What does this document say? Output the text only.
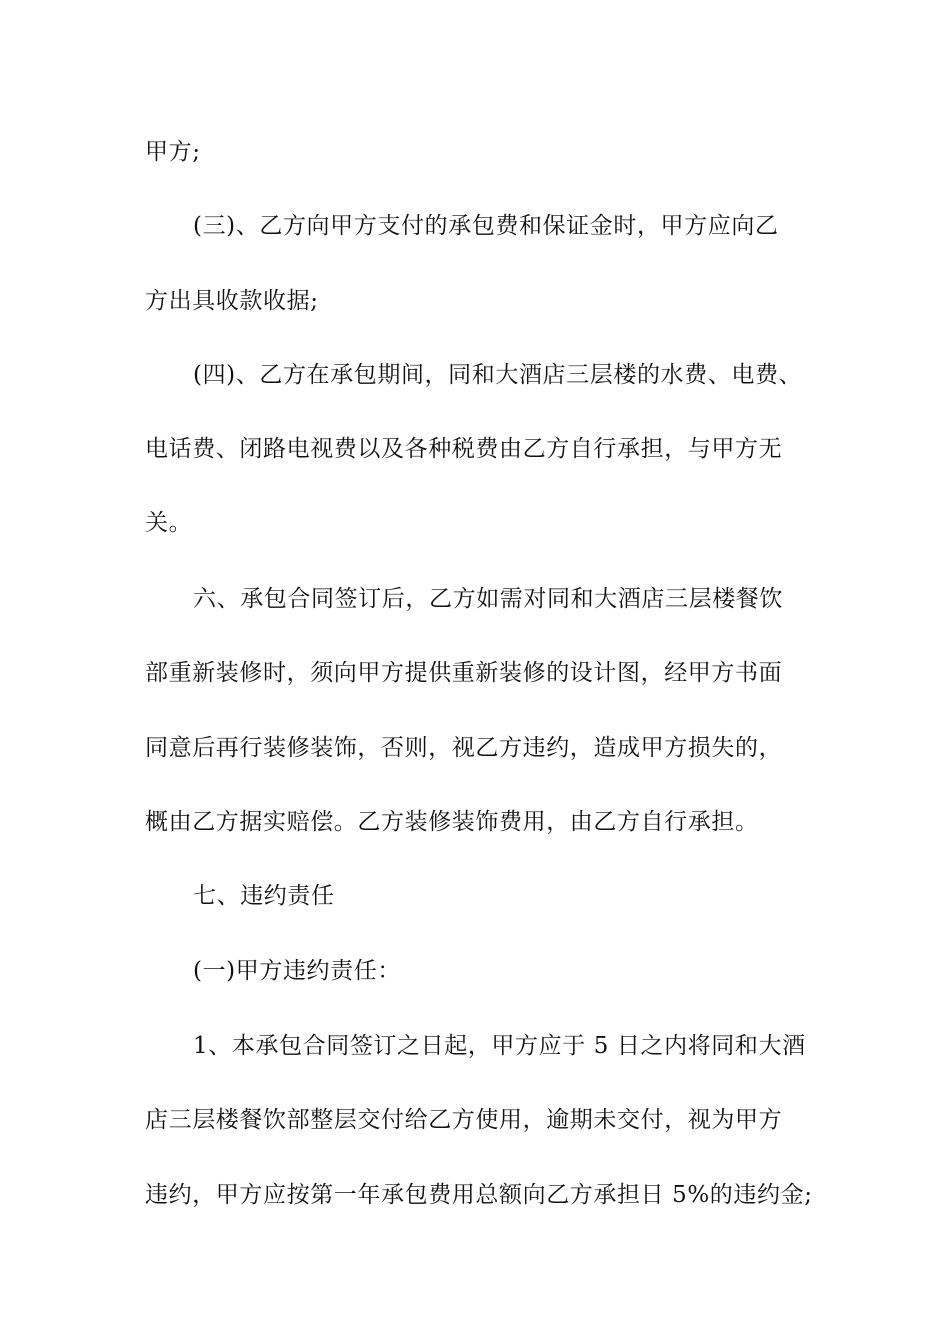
甲方;
(三)、乙方向甲方支付的承包费和保证金时，甲方应向乙
方出具收款收据;
(四)、乙方在承包期间，同和大酒店三层楼的水费、电费、
电话费、闭路电视费以及各种税费由乙方自行承担，与甲方无
关。
六、承包合同签订后，乙方如需对同和大酒店三层楼餐饮
部重新装修时，须向甲方提供重新装修的设计图，经甲方书面
同意后再行装修装饰，否则，视乙方违约，造成甲方损失的，
概由乙方据实赔偿。乙方装修装饰费用，由乙方自行承担。
七、违约责任
(一)甲方违约责任：
1、本承包合同签订之日起，甲方应于 5 日之内将同和大酒
店三层楼餐饮部整层交付给乙方使用，逾期未交付，视为甲方
违约，甲方应按第一年承包费用总额向乙方承担日 5%的违约金;
